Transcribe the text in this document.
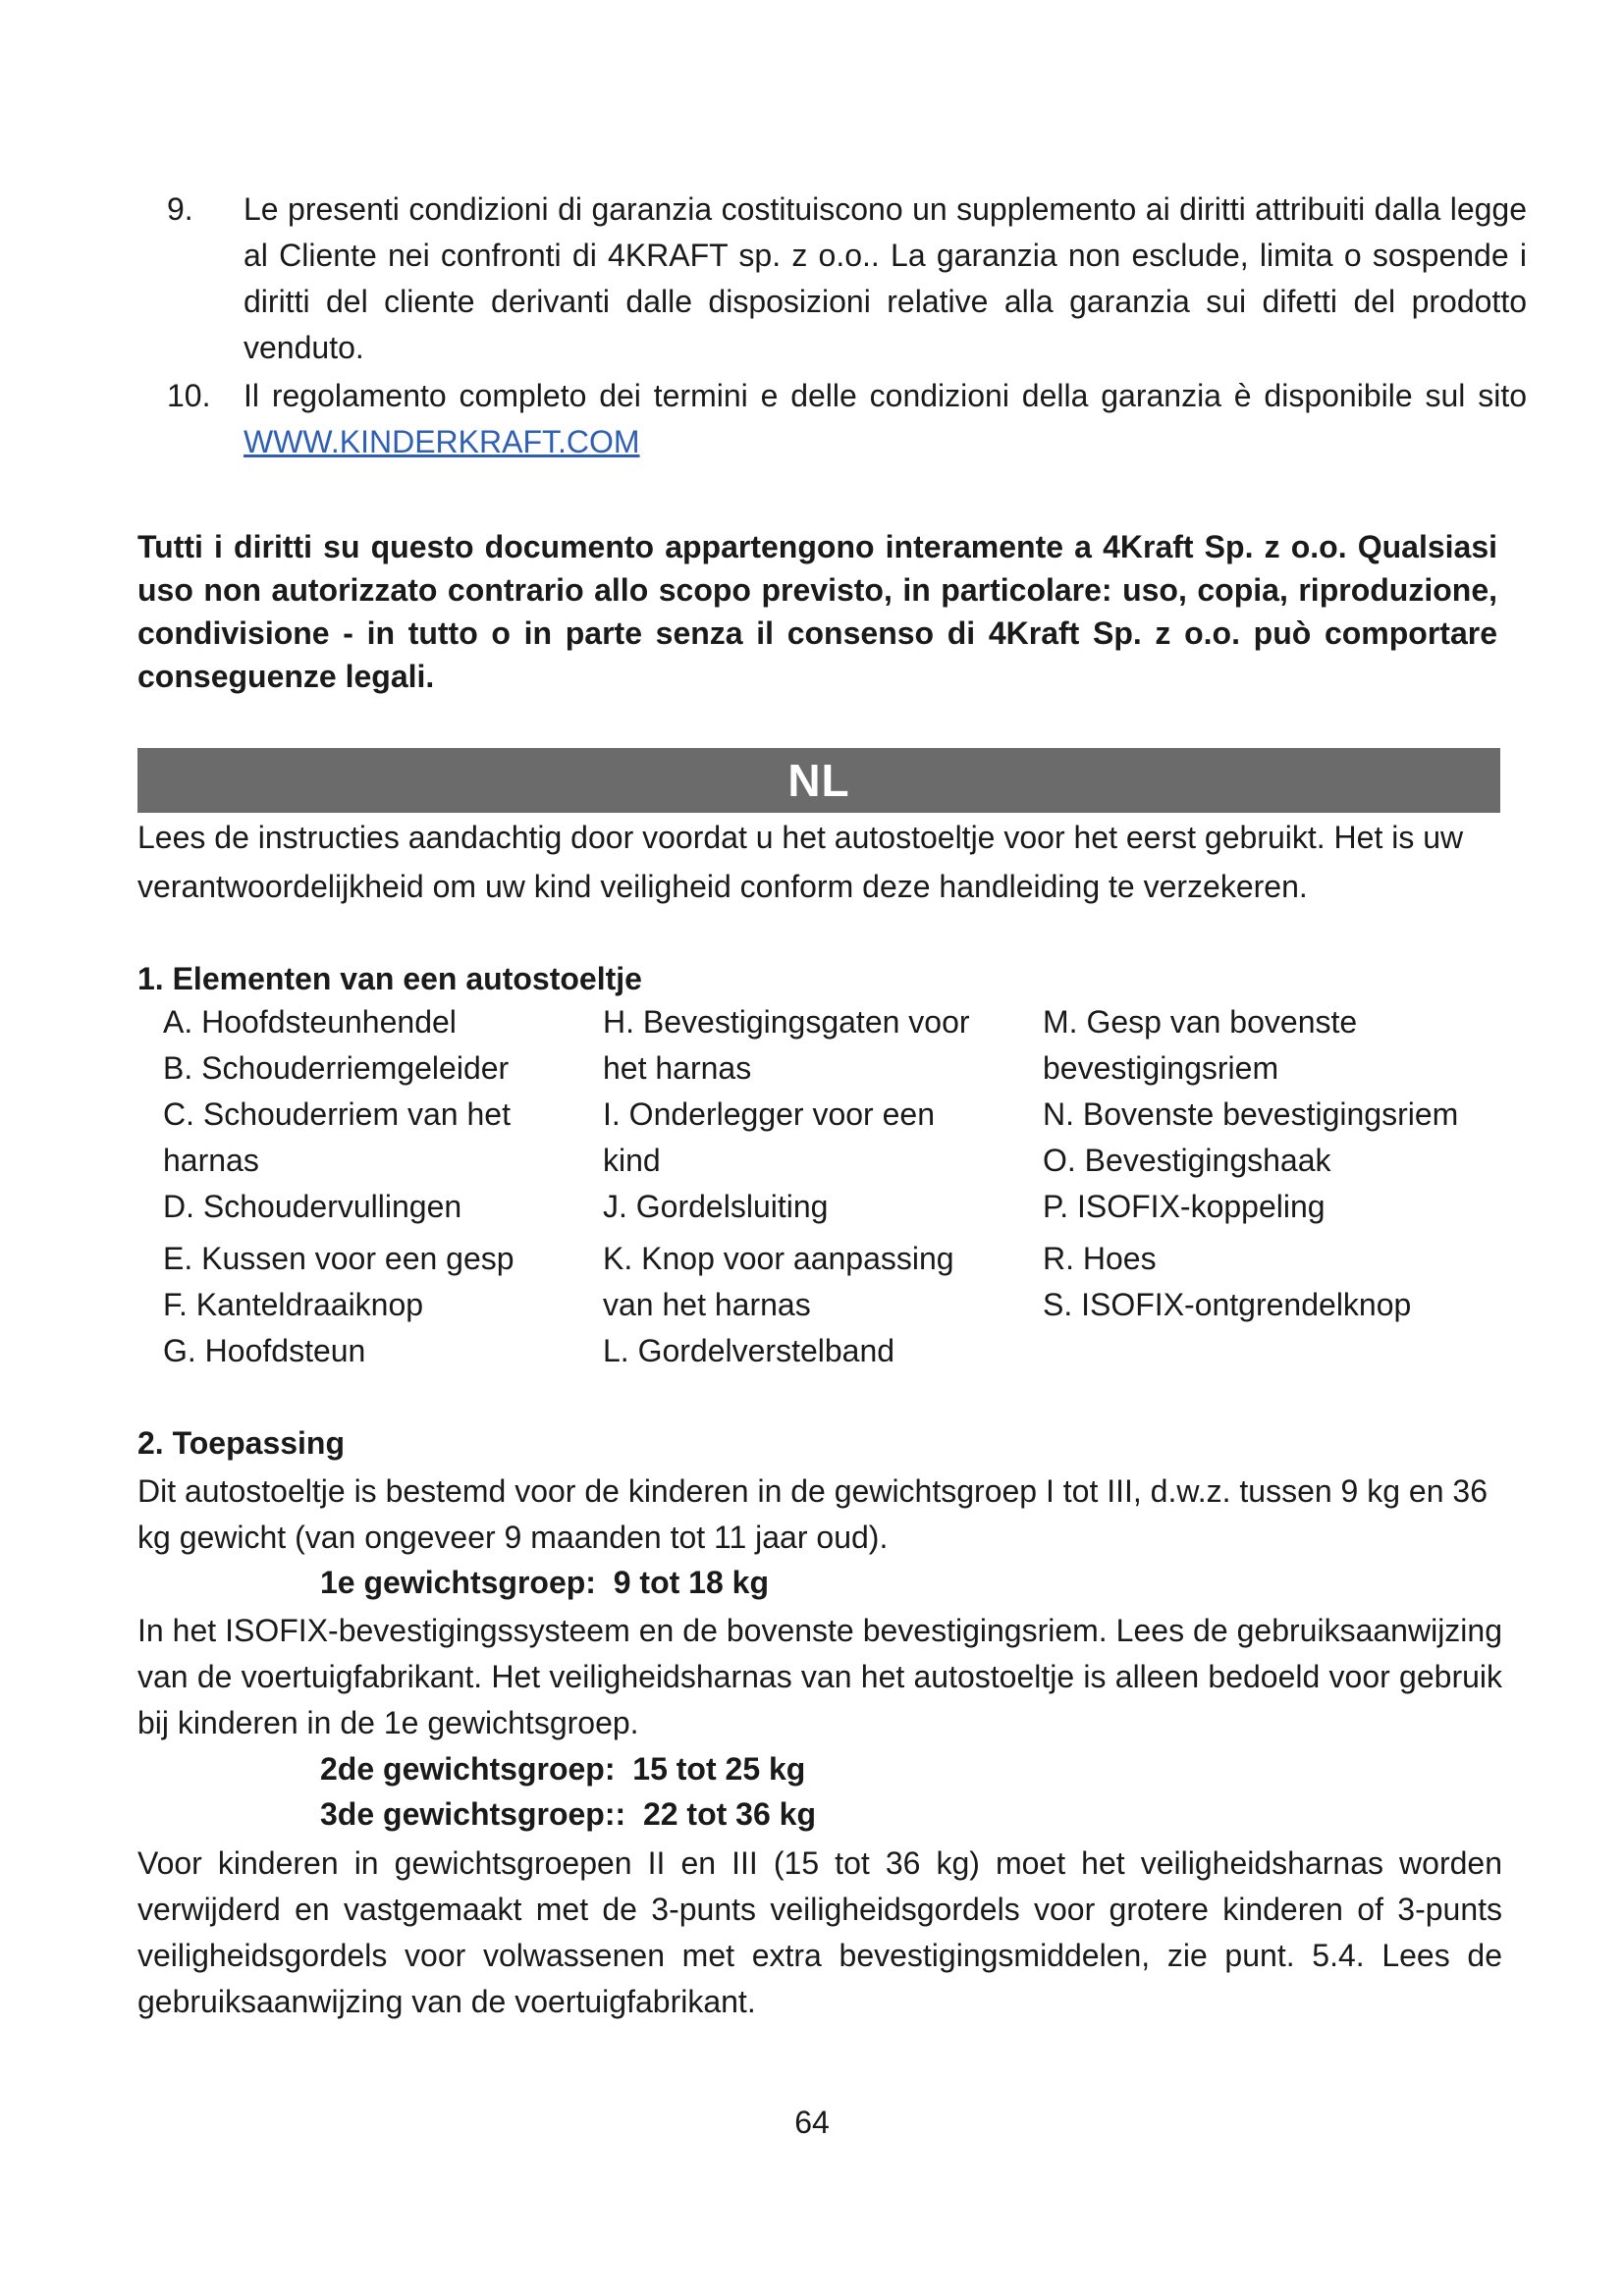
9. Le presenti condizioni di garanzia costituiscono un supplemento ai diritti attribuiti dalla legge al Cliente nei confronti di 4KRAFT sp. z o.o.. La garanzia non esclude, limita o sospende i diritti del cliente derivanti dalle disposizioni relative alla garanzia sui difetti del prodotto venduto.
10. Il regolamento completo dei termini e delle condizioni della garanzia è disponibile sul sito WWW.KINDERKRAFT.COM
Tutti i diritti su questo documento appartengono interamente a 4Kraft Sp. z o.o. Qualsiasi uso non autorizzato contrario allo scopo previsto, in particolare: uso, copia, riproduzione, condivisione - in tutto o in parte senza il consenso di 4Kraft Sp. z o.o. può comportare conseguenze legali.
NL
Lees de instructies aandachtig door voordat u het autostoeltje voor het eerst gebruikt. Het is uw verantwoordelijkheid om uw kind veiligheid conform deze handleiding te verzekeren.
1. Elementen van een autostoeltje
A. Hoofdsteunhendel
B. Schouderriemgeleider
C. Schouderriem van het
harnas
D. Schoudervullingen
E. Kussen voor een gesp
F. Kanteldraaiknop
G. Hoofdsteun
H. Bevestigingsgaten voor
het harnas
I. Onderlegger voor een
kind
J. Gordelsluiting
K. Knop voor aanpassing
van het harnas
L. Gordelverstelband
M. Gesp van bovenste
bevestigingsriem
N. Bovenste bevestigingsriem
O. Bevestigingshaak
P. ISOFIX-koppeling
R. Hoes
S. ISOFIX-ontgrendelknop
2. Toepassing
Dit autostoeltje is bestemd voor de kinderen in de gewichtsgroep I tot III, d.w.z. tussen 9 kg en 36 kg gewicht (van ongeveer 9 maanden tot 11 jaar oud).
1e gewichtsgroep:  9 tot 18 kg
In het ISOFIX-bevestigingssysteem en de bovenste bevestigingsriem. Lees de gebruiksaanwijzing van de voertuigfabrikant. Het veiligheidsharnas van het autostoeltje is alleen bedoeld voor gebruik bij kinderen in de 1e gewichtsgroep.
2de gewichtsgroep:  15 tot 25 kg
3de gewichtsgroep::  22 tot 36 kg
Voor kinderen in gewichtsgroepen II en III (15 tot 36 kg) moet het veiligheidsharnas worden verwijderd en vastgemaakt met de 3-punts veiligheidsgordels voor grotere kinderen of 3-punts veiligheidsgordels voor volwassenen met extra bevestigingsmiddelen, zie punt. 5.4. Lees de gebruiksaanwijzing van de voertuigfabrikant.
64
